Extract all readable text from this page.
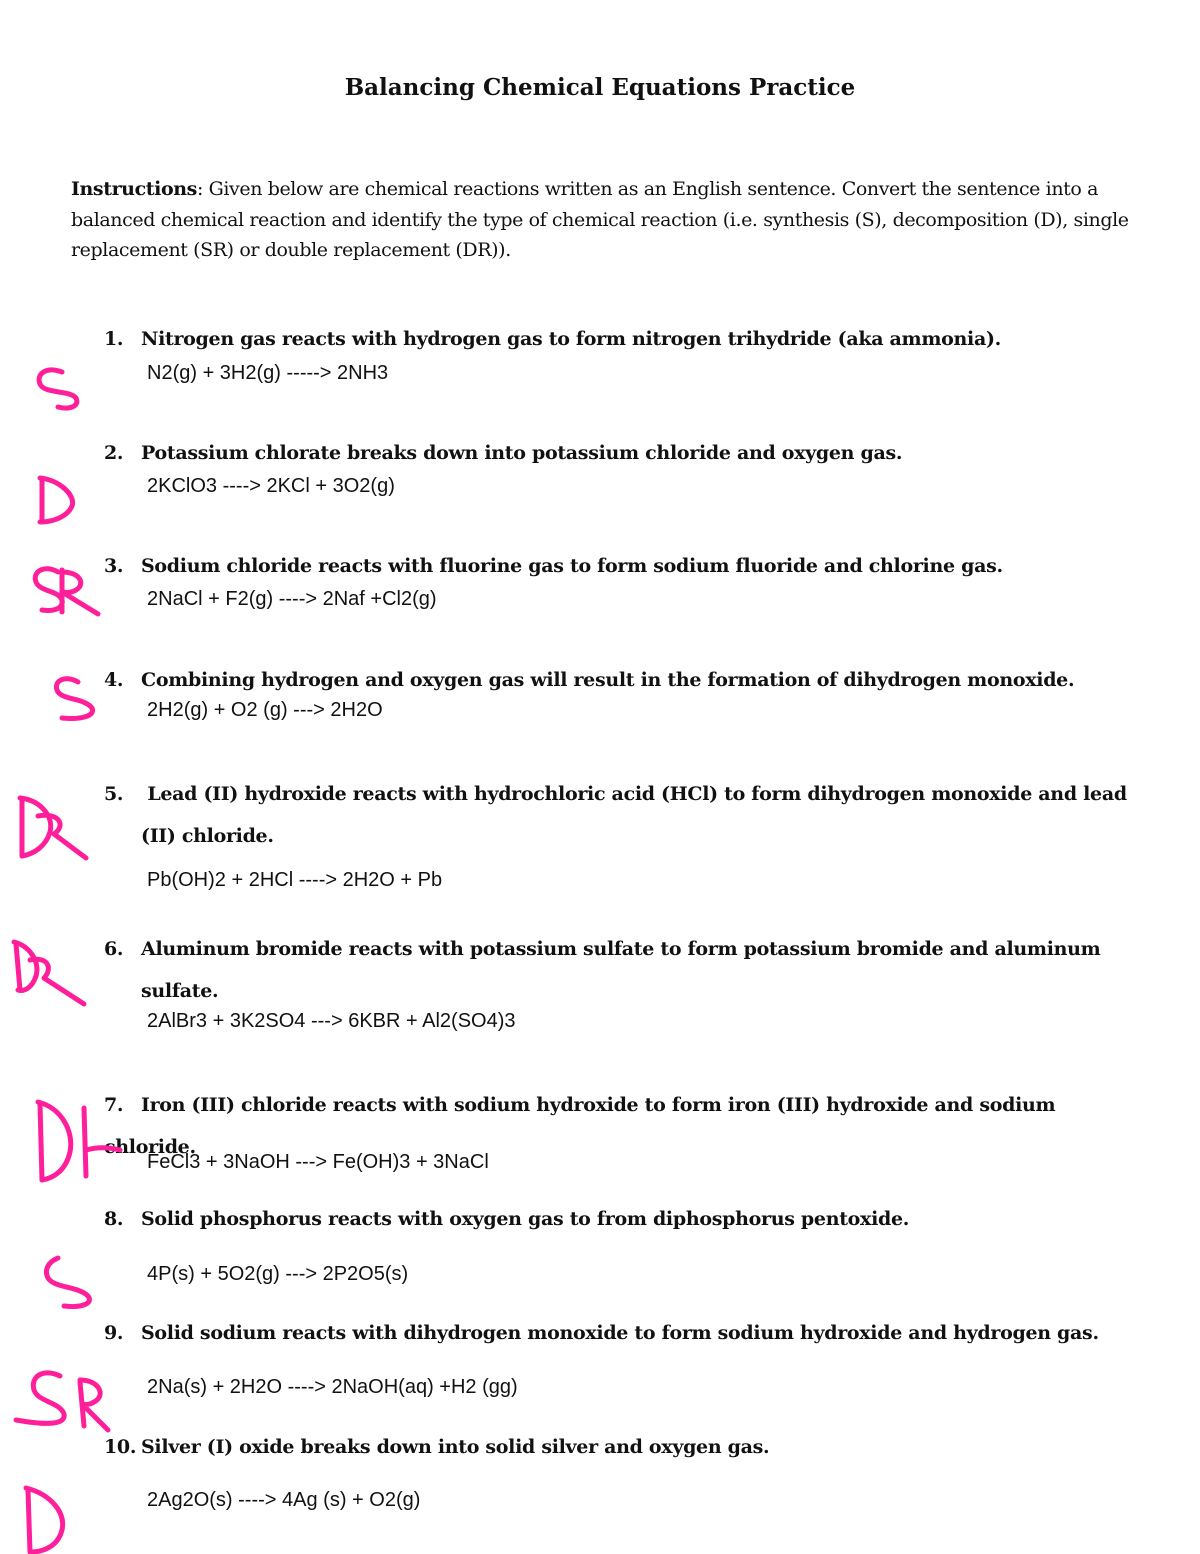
Balancing Chemical Equations Practice

Instructions: Given below are chemical reactions written as an English sentence. Convert the sentence into a balanced chemical reaction and identify the type of chemical reaction (i.e. synthesis (S), decomposition (D), single replacement (SR) or double replacement (DR)).

1. Nitrogen gas reacts with hydrogen gas to form nitrogen trihydride (aka ammonia).
N2(g) + 3H2(g) -----> 2NH3
2. Potassium chlorate breaks down into potassium chloride and oxygen gas.
2KClO3 ----> 2KCl + 3O2(g)
3. Sodium chloride reacts with fluorine gas to form sodium fluoride and chlorine gas.
2NaCl + F2(g) ----> 2Naf +Cl2(g)
4. Combining hydrogen and oxygen gas will result in the formation of dihydrogen monoxide.
2H2(g) + O2 (g) ---> 2H2O
5. Lead (II) hydroxide reacts with hydrochloric acid (HCl) to form dihydrogen monoxide and lead
(II) chloride.
Pb(OH)2 + 2HCl ----> 2H2O + Pb
6. Aluminum bromide reacts with potassium sulfate to form potassium bromide and aluminum
sulfate.
2AlBr3 + 3K2SO4 ---> 6KBR + Al2(SO4)3
7. Iron (III) chloride reacts with sodium hydroxide to form iron (III) hydroxide and sodium chloride.
FeCl3 + 3NaOH ---> Fe(OH)3 + 3NaCl
8. Solid phosphorus reacts with oxygen gas to from diphosphorus pentoxide.
4P(s) + 5O2(g) ---> 2P2O5(s)
9. Solid sodium reacts with dihydrogen monoxide to form sodium hydroxide and hydrogen gas.
2Na(s) + 2H2O ----> 2NaOH(aq) +H2 (gg)
10. Silver (I) oxide breaks down into solid silver and oxygen gas.
2Ag2O(s) ----> 4Ag (s) + O2(g)
